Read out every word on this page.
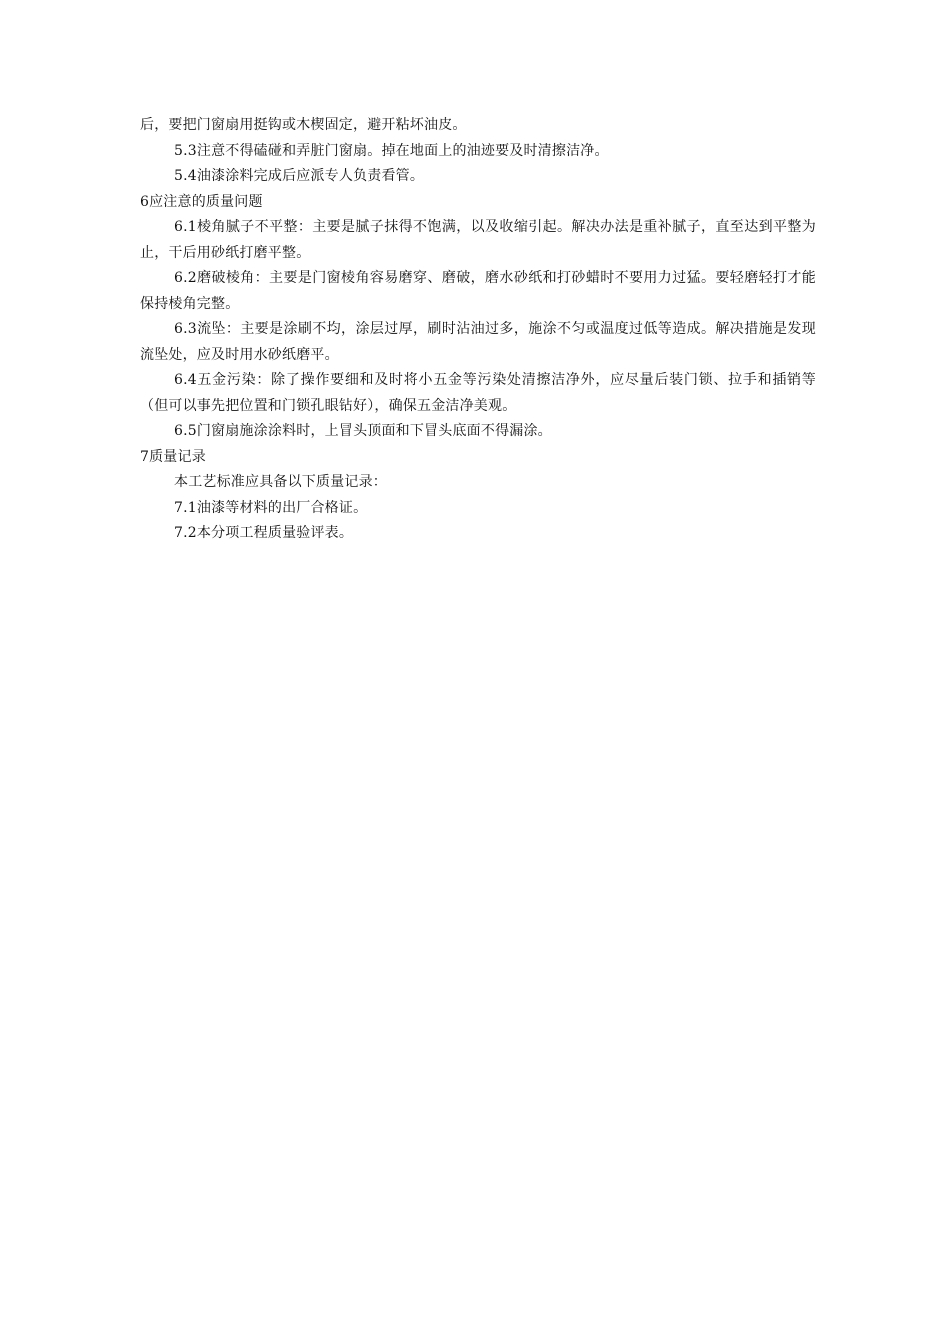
后，要把门窗扇用挺钩或木楔固定，避开粘坏油皮。

5.3注意不得磕碰和弄脏门窗扇。掉在地面上的油迹要及时清擦洁净。

5.4油漆涂料完成后应派专人负责看管。

6应注意的质量问题

6.1棱角腻子不平整：主要是腻子抹得不饱满，以及收缩引起。解决办法是重补腻子，直至达到平整为止，干后用砂纸打磨平整。

6.2磨破棱角：主要是门窗棱角容易磨穿、磨破，磨水砂纸和打砂蜡时不要用力过猛。要轻磨轻打才能保持棱角完整。

6.3流坠：主要是涂刷不均，涂层过厚，刷时沾油过多，施涂不匀或温度过低等造成。解决措施是发现流坠处，应及时用水砂纸磨平。

6.4五金污染：除了操作要细和及时将小五金等污染处清擦洁净外，应尽量后装门锁、拉手和插销等（但可以事先把位置和门锁孔眼钻好），确保五金洁净美观。

6.5门窗扇施涂涂料时，上冒头顶面和下冒头底面不得漏涂。

7质量记录

本工艺标准应具备以下质量记录：

7.1油漆等材料的出厂合格证。

7.2本分项工程质量验评表。
